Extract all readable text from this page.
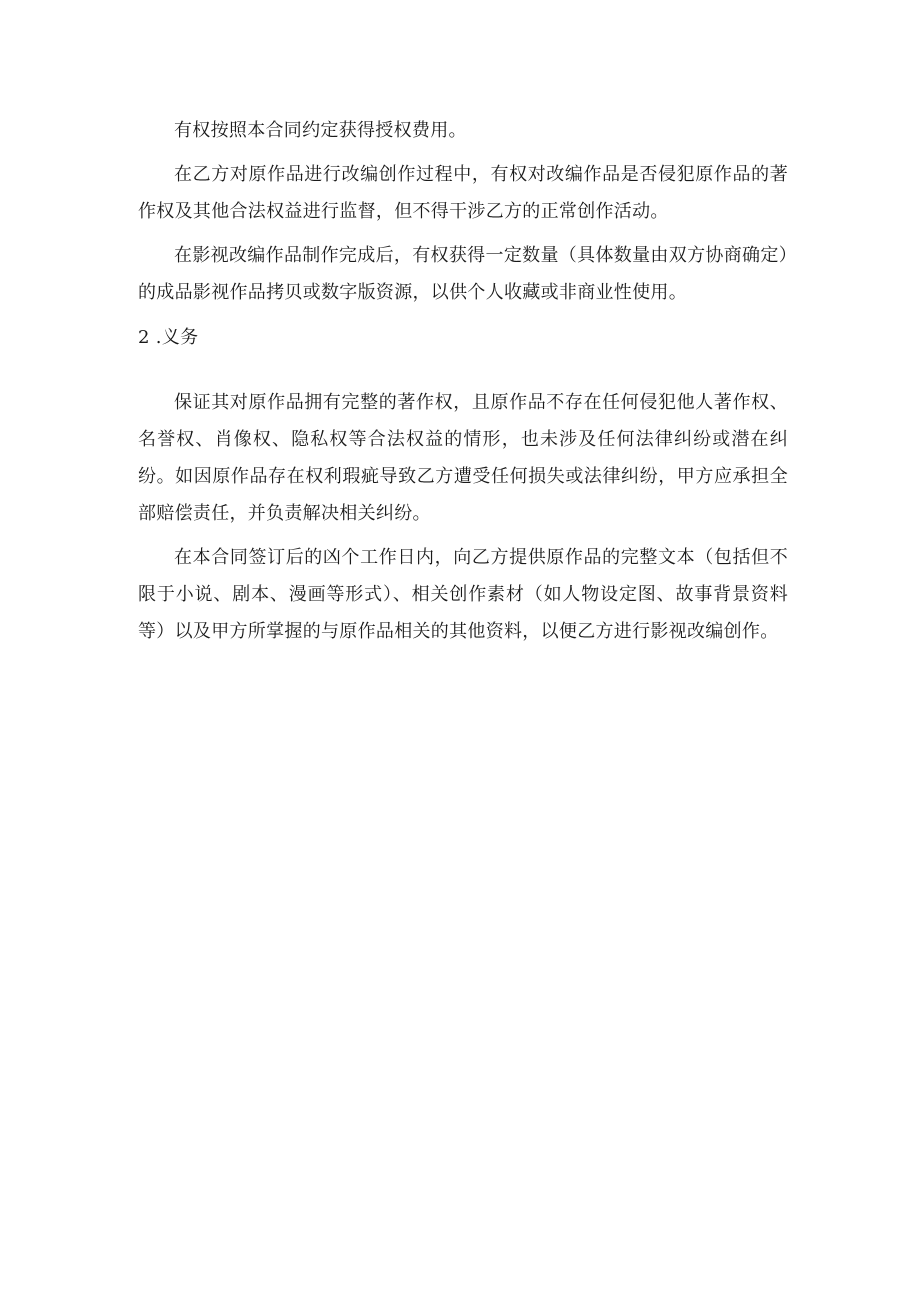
有权按照本合同约定获得授权费用。

在乙方对原作品进行改编创作过程中，有权对改编作品是否侵犯原作品的著作权及其他合法权益进行监督，但不得干涉乙方的正常创作活动。

在影视改编作品制作完成后，有权获得一定数量（具体数量由双方协商确定）的成品影视作品拷贝或数字版资源，以供个人收藏或非商业性使用。

2 .义务

保证其对原作品拥有完整的著作权，且原作品不存在任何侵犯他人著作权、名誉权、肖像权、隐私权等合法权益的情形，也未涉及任何法律纠纷或潜在纠纷。如因原作品存在权利瑕疵导致乙方遭受任何损失或法律纠纷，甲方应承担全部赔偿责任，并负责解决相关纠纷。

在本合同签订后的凶个工作日内，向乙方提供原作品的完整文本（包括但不限于小说、剧本、漫画等形式）、相关创作素材（如人物设定图、故事背景资料等）以及甲方所掌握的与原作品相关的其他资料，以便乙方进行影视改编创作。
